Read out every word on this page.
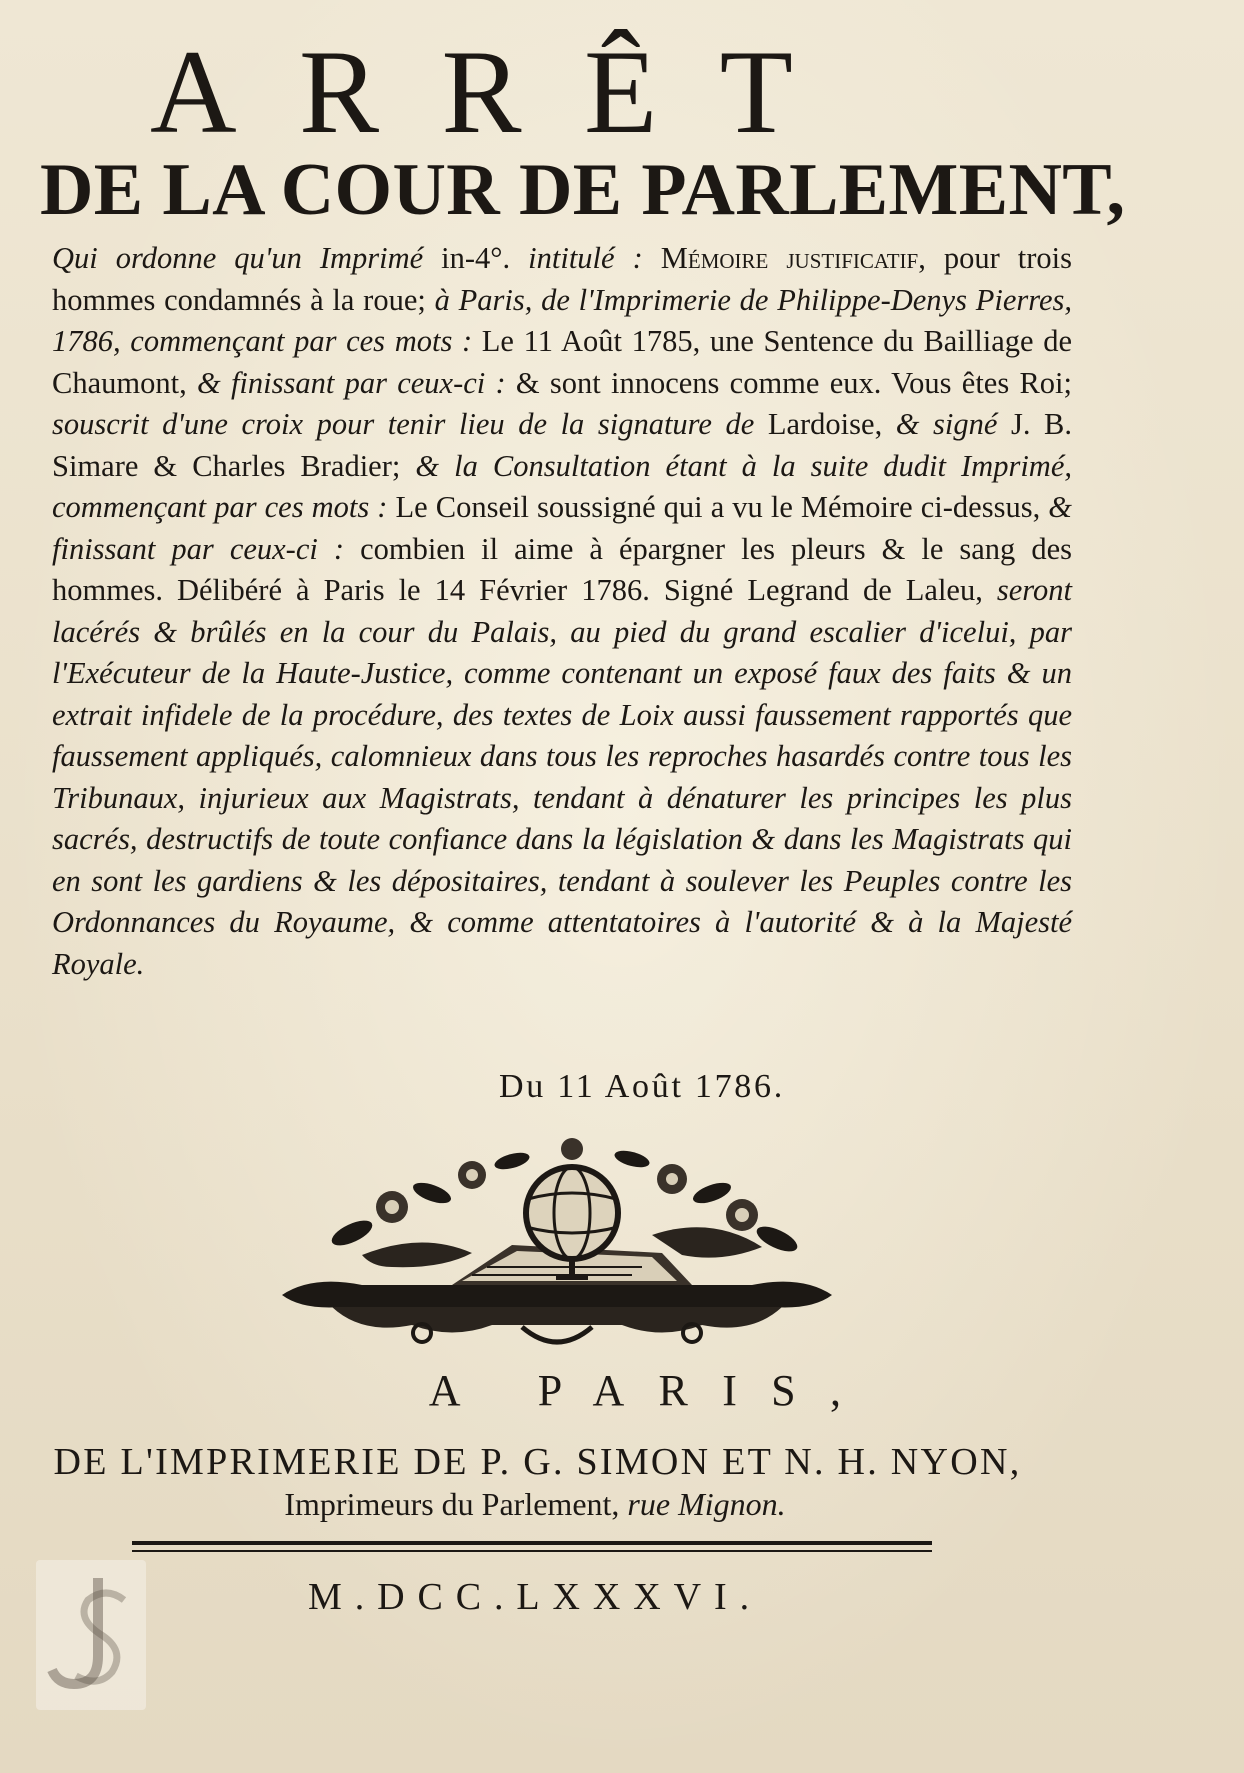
ARRÊT
DE LA COUR DE PARLEMENT,

Qui ordonne qu'un Imprimé in-4°. intitulé : Mémoire justificatif, pour trois hommes condamnés à la roue; à Paris, de l'Imprimerie de Philippe-Denys Pierres, 1786, commençant par ces mots : Le 11 Août 1785, une Sentence du Bailliage de Chaumont, & finissant par ceux-ci : & sont innocens comme eux. Vous êtes Roi; souscrit d'une croix pour tenir lieu de la signature de Lardoise, & signé J. B. Simare & Charles Bradier; & la Consultation étant à la suite dudit Imprimé, commençant par ces mots : Le Conseil soussigné qui a vu le Mémoire ci-dessus, & finissant par ceux-ci : combien il aime à épargner les pleurs & le sang des hommes. Délibéré à Paris le 14 Février 1786. Signé Legrand de Laleu, seront lacérés & brûlés en la cour du Palais, au pied du grand escalier d'icelui, par l'Exécuteur de la Haute-Justice, comme contenant un exposé faux des faits & un extrait infidele de la procédure, des textes de Loix aussi faussement rapportés que faussement appliqués, calomnieux dans tous les reproches hasardés contre tous les Tribunaux, injurieux aux Magistrats, tendant à dénaturer les principes les plus sacrés, destructifs de toute confiance dans la législation & dans les Magistrats qui en sont les gardiens & les dépositaires, tendant à soulever les Peuples contre les Ordonnances du Royaume, & comme attentatoires à l'autorité & à la Majesté Royale.

Du 11 Août 1786.
A PARIS,
DE L'IMPRIMERIE DE P. G. SIMON ET N. H. NYON,
Imprimeurs du Parlement, rue Mignon.
M.DCC.LXXXVI.
